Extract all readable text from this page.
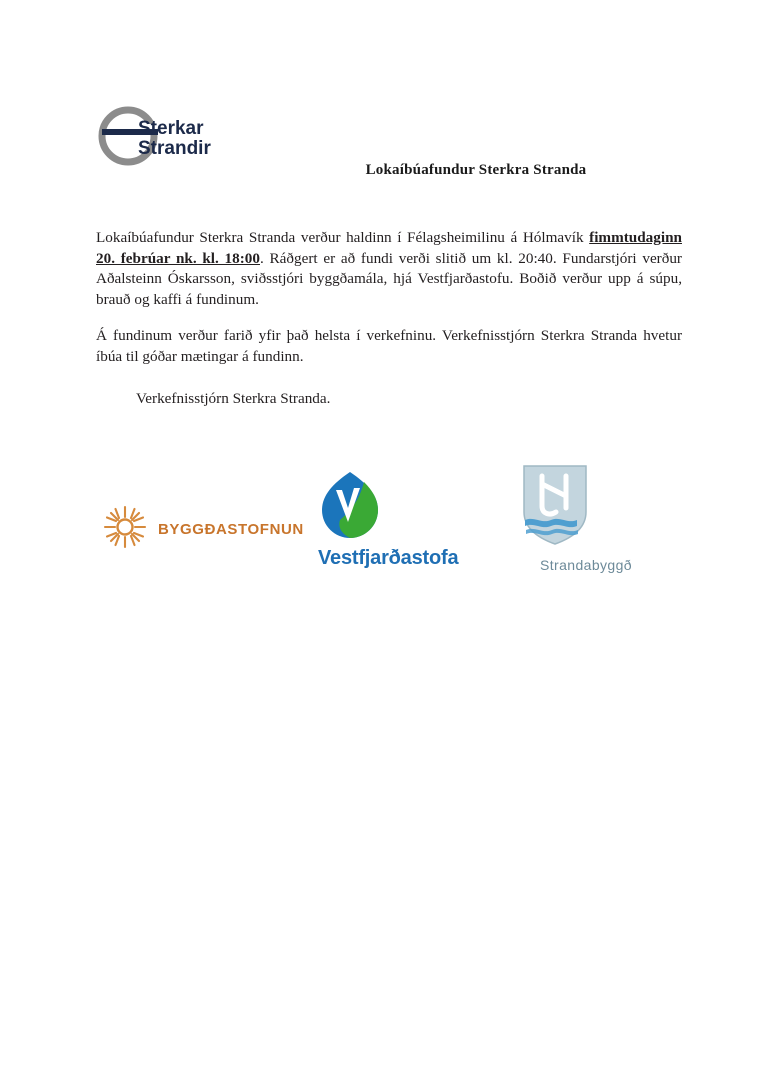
Sterkar
Strandir
Lokaíbúafundur Sterkra Stranda

Lokaíbúafundur Sterkra Stranda verður haldinn í Félagsheimilinu á Hólmavík fimmtudaginn 20. febrúar nk. kl. 18:00. Ráðgert er að fundi verði slitið um kl. 20:40. Fundarstjóri verður Aðalsteinn Óskarsson, sviðsstjóri byggðamála, hjá Vestfjarðastofu. Boðið verður upp á súpu, brauð og kaffi á fundinum.

Á fundinum verður farið yfir það helsta í verkefninu. Verkefnisstjórn Sterkra Stranda hvetur íbúa til góðar mætingar á fundinn.

Verkefnisstjórn Sterkra Stranda.

BYGGÐASTOFNUN
Vestfjarðastofa	Strandabyggð
